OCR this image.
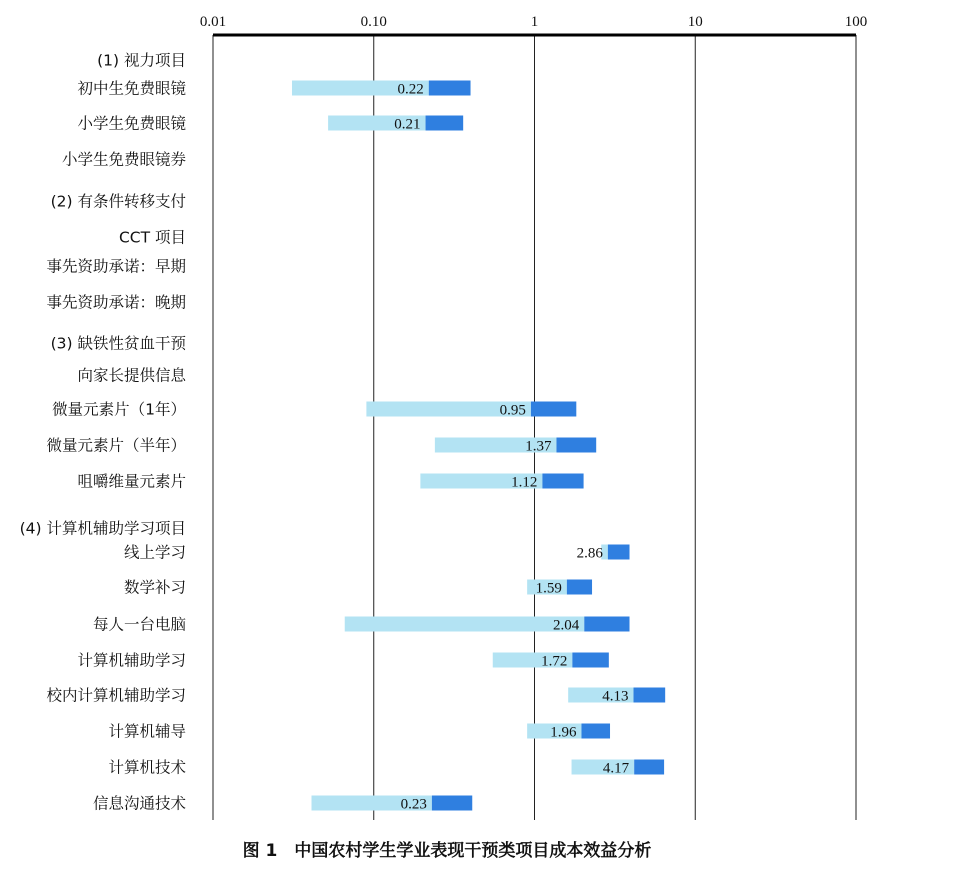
0.01	0.10	1	10	100
(1) 视力项目
初中生免费眼镜	0.22
小学生免费眼镜	0.21
小学生免费眼镜券
(2) 有条件转移支付
CCT 项目
事先资助承诺：早期
事先资助承诺：晚期
(3) 缺铁性贫血干预
向家长提供信息
微量元素片（1年）	0.95
微量元素片（半年）	1.37
咀嚼维量元素片	1.12
(4) 计算机辅助学习项目
线上学习	2.86
数学补习	1.59
每人一台电脑	2.04
计算机辅助学习	1.72
校内计算机辅助学习	4.13
计算机辅导	1.96
计算机技术	4.17
信息沟通技术	0.23
图 1　中国农村学生学业表现干预类项目成本效益分析
